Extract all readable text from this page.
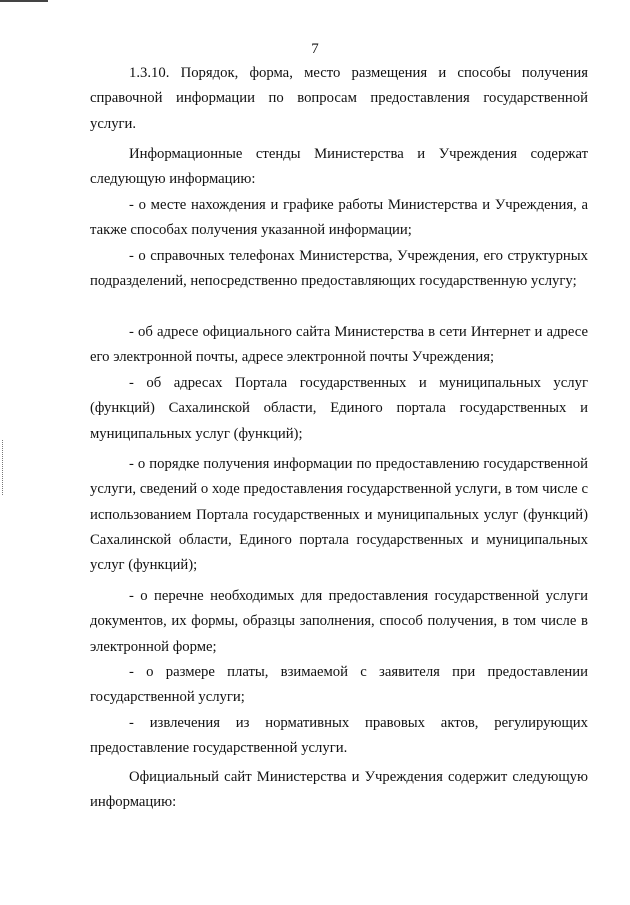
7

1.3.10. Порядок, форма, место размещения и способы получения справочной информации по вопросам предоставления государственной услуги.

Информационные стенды Министерства и Учреждения содержат следующую информацию:

- о месте нахождения и графике работы Министерства и Учреждения, а также способах получения указанной информации;

- о справочных телефонах Министерства, Учреждения, его структурных подразделений, непосредственно предоставляющих государственную услугу;

- об адресе официального сайта Министерства в сети Интернет и адресе его электронной почты, адресе электронной почты Учреждения;

- об адресах Портала государственных и муниципальных услуг (функций) Сахалинской области, Единого портала государственных и муниципальных услуг (функций);

- о порядке получения информации по предоставлению государственной услуги, сведений о ходе предоставления государственной услуги, в том числе с использованием Портала государственных и муниципальных услуг (функций) Сахалинской области, Единого портала государственных и муниципальных услуг (функций);

- о перечне необходимых для предоставления государственной услуги документов, их формы, образцы заполнения, способ получения, в том числе в электронной форме;

- о размере платы, взимаемой с заявителя при предоставлении государственной услуги;

- извлечения из нормативных правовых актов, регулирующих предоставление государственной услуги.

Официальный сайт Министерства и Учреждения содержит следующую информацию:
